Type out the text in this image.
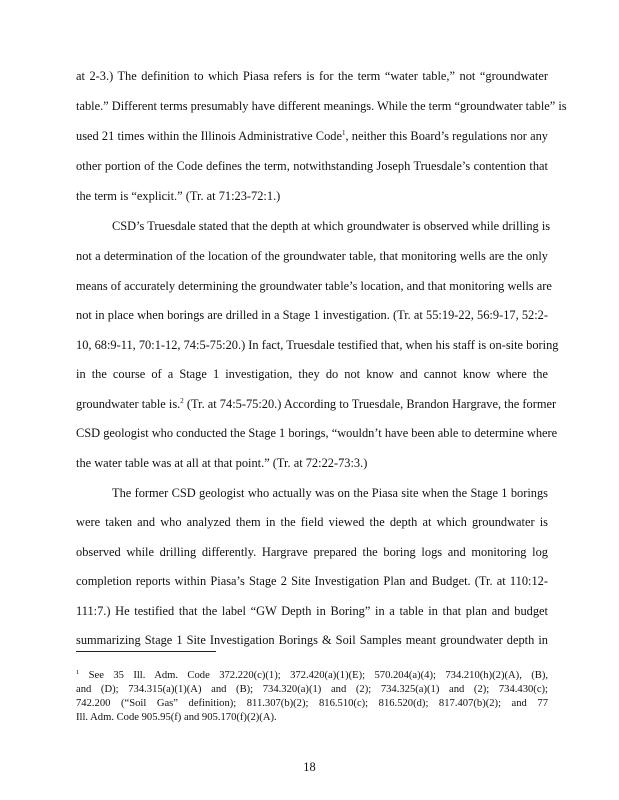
at 2-3.) The definition to which Piasa refers is for the term “water table,” not “groundwater
table.” Different terms presumably have different meanings. While the term “groundwater table” is
used 21 times within the Illinois Administrative Code$^1$, neither this Board’s regulations nor any
other portion of the Code defines the term, notwithstanding Joseph Truesdale’s contention that
the term is “explicit.” (Tr. at 71:23-72:1.)
CSD’s Truesdale stated that the depth at which groundwater is observed while drilling is
not a determination of the location of the groundwater table, that monitoring wells are the only
means of accurately determining the groundwater table’s location, and that monitoring wells are
not in place when borings are drilled in a Stage 1 investigation. (Tr. at 55:19-22, 56:9-17, 52:2-
10, 68:9-11, 70:1-12, 74:5-75:20.) In fact, Truesdale testified that, when his staff is on-site boring
in the course of a Stage 1 investigation, they do not know and cannot know where the
groundwater table is.$^2$ (Tr. at 74:5-75:20.) According to Truesdale, Brandon Hargrave, the former
CSD geologist who conducted the Stage 1 borings, “wouldn’t have been able to determine where
the water table was at all at that point.” (Tr. at 72:22-73:3.)
The former CSD geologist who actually was on the Piasa site when the Stage 1 borings
were taken and who analyzed them in the field viewed the depth at which groundwater is
observed while drilling differently. Hargrave prepared the boring logs and monitoring log
completion reports within Piasa’s Stage 2 Site Investigation Plan and Budget. (Tr. at 110:12-
111:7.) He testified that the label “GW Depth in Boring” in a table in that plan and budget
summarizing Stage 1 Site Investigation Borings & Soil Samples meant groundwater depth in
$^1$ See 35 Ill. Adm. Code 372.220(c)(1); 372.420(a)(1)(E); 570.204(a)(4); 734.210(h)(2)(A), (B),
and (D); 734.315(a)(1)(A) and (B); 734.320(a)(1) and (2); 734.325(a)(1) and (2); 734.430(c);
742.200 (“Soil Gas” definition); 811.307(b)(2); 816.510(c); 816.520(d); 817.407(b)(2); and 77
Ill. Adm. Code 905.95(f) and 905.170(f)(2)(A).
18
